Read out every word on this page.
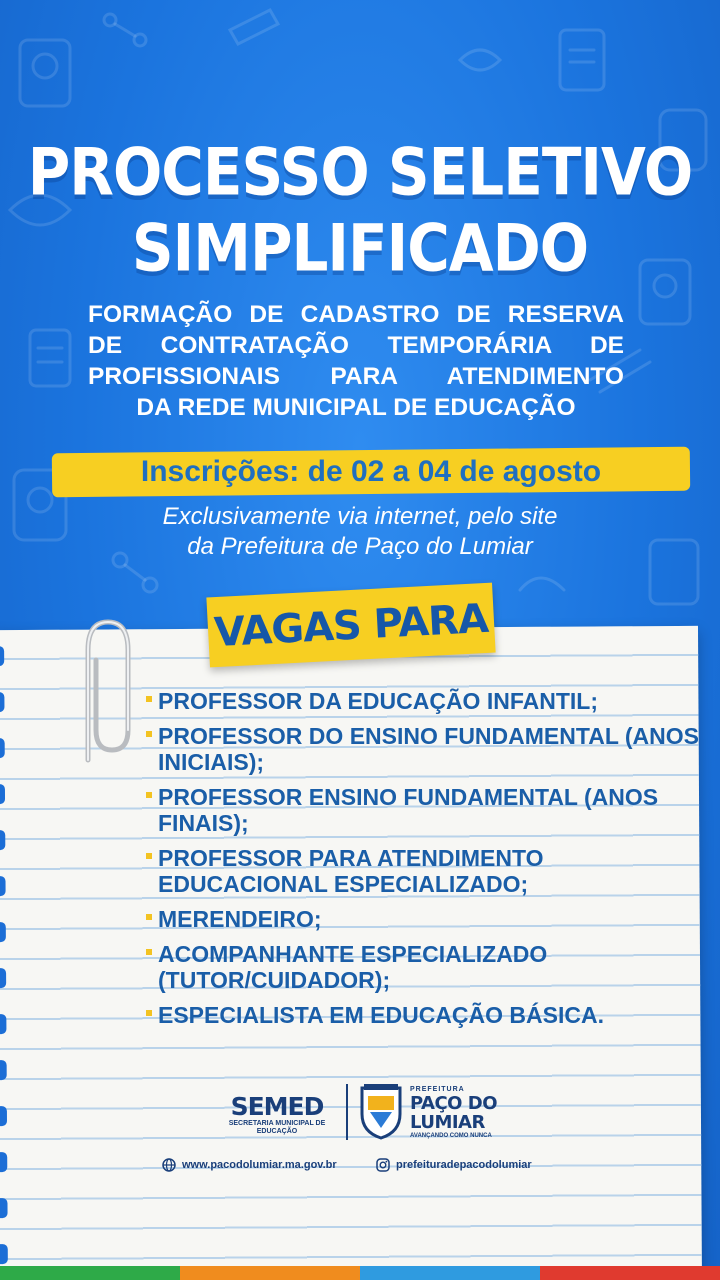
PROCESSO SELETIVO
SIMPLIFICADO
FORMAÇÃO DE CADASTRO DE RESERVA
DE CONTRATAÇÃO TEMPORÁRIA DE
PROFISSIONAIS PARA ATENDIMENTO
DA REDE MUNICIPAL DE EDUCAÇÃO
Inscrições: de 02 a 04 de agosto
Exclusivamente via internet, pelo site
da Prefeitura de Paço do Lumiar
VAGAS PARA
PROFESSOR DA EDUCAÇÃO INFANTIL;
PROFESSOR DO ENSINO FUNDAMENTAL (ANOS INICIAIS);
PROFESSOR ENSINO FUNDAMENTAL (ANOS FINAIS);
PROFESSOR PARA ATENDIMENTO EDUCACIONAL ESPECIALIZADO;
MERENDEIRO;
ACOMPANHANTE ESPECIALIZADO (TUTOR/CUIDADOR);
ESPECIALISTA EM EDUCAÇÃO BÁSICA.
SEMED
SECRETARIA MUNICIPAL DE EDUCAÇÃO
PREFEITURA
PAÇO DO
LUMIAR
AVANÇANDO COMO NUNCA
www.pacodolumiar.ma.gov.br	prefeituradepacodolumiar
